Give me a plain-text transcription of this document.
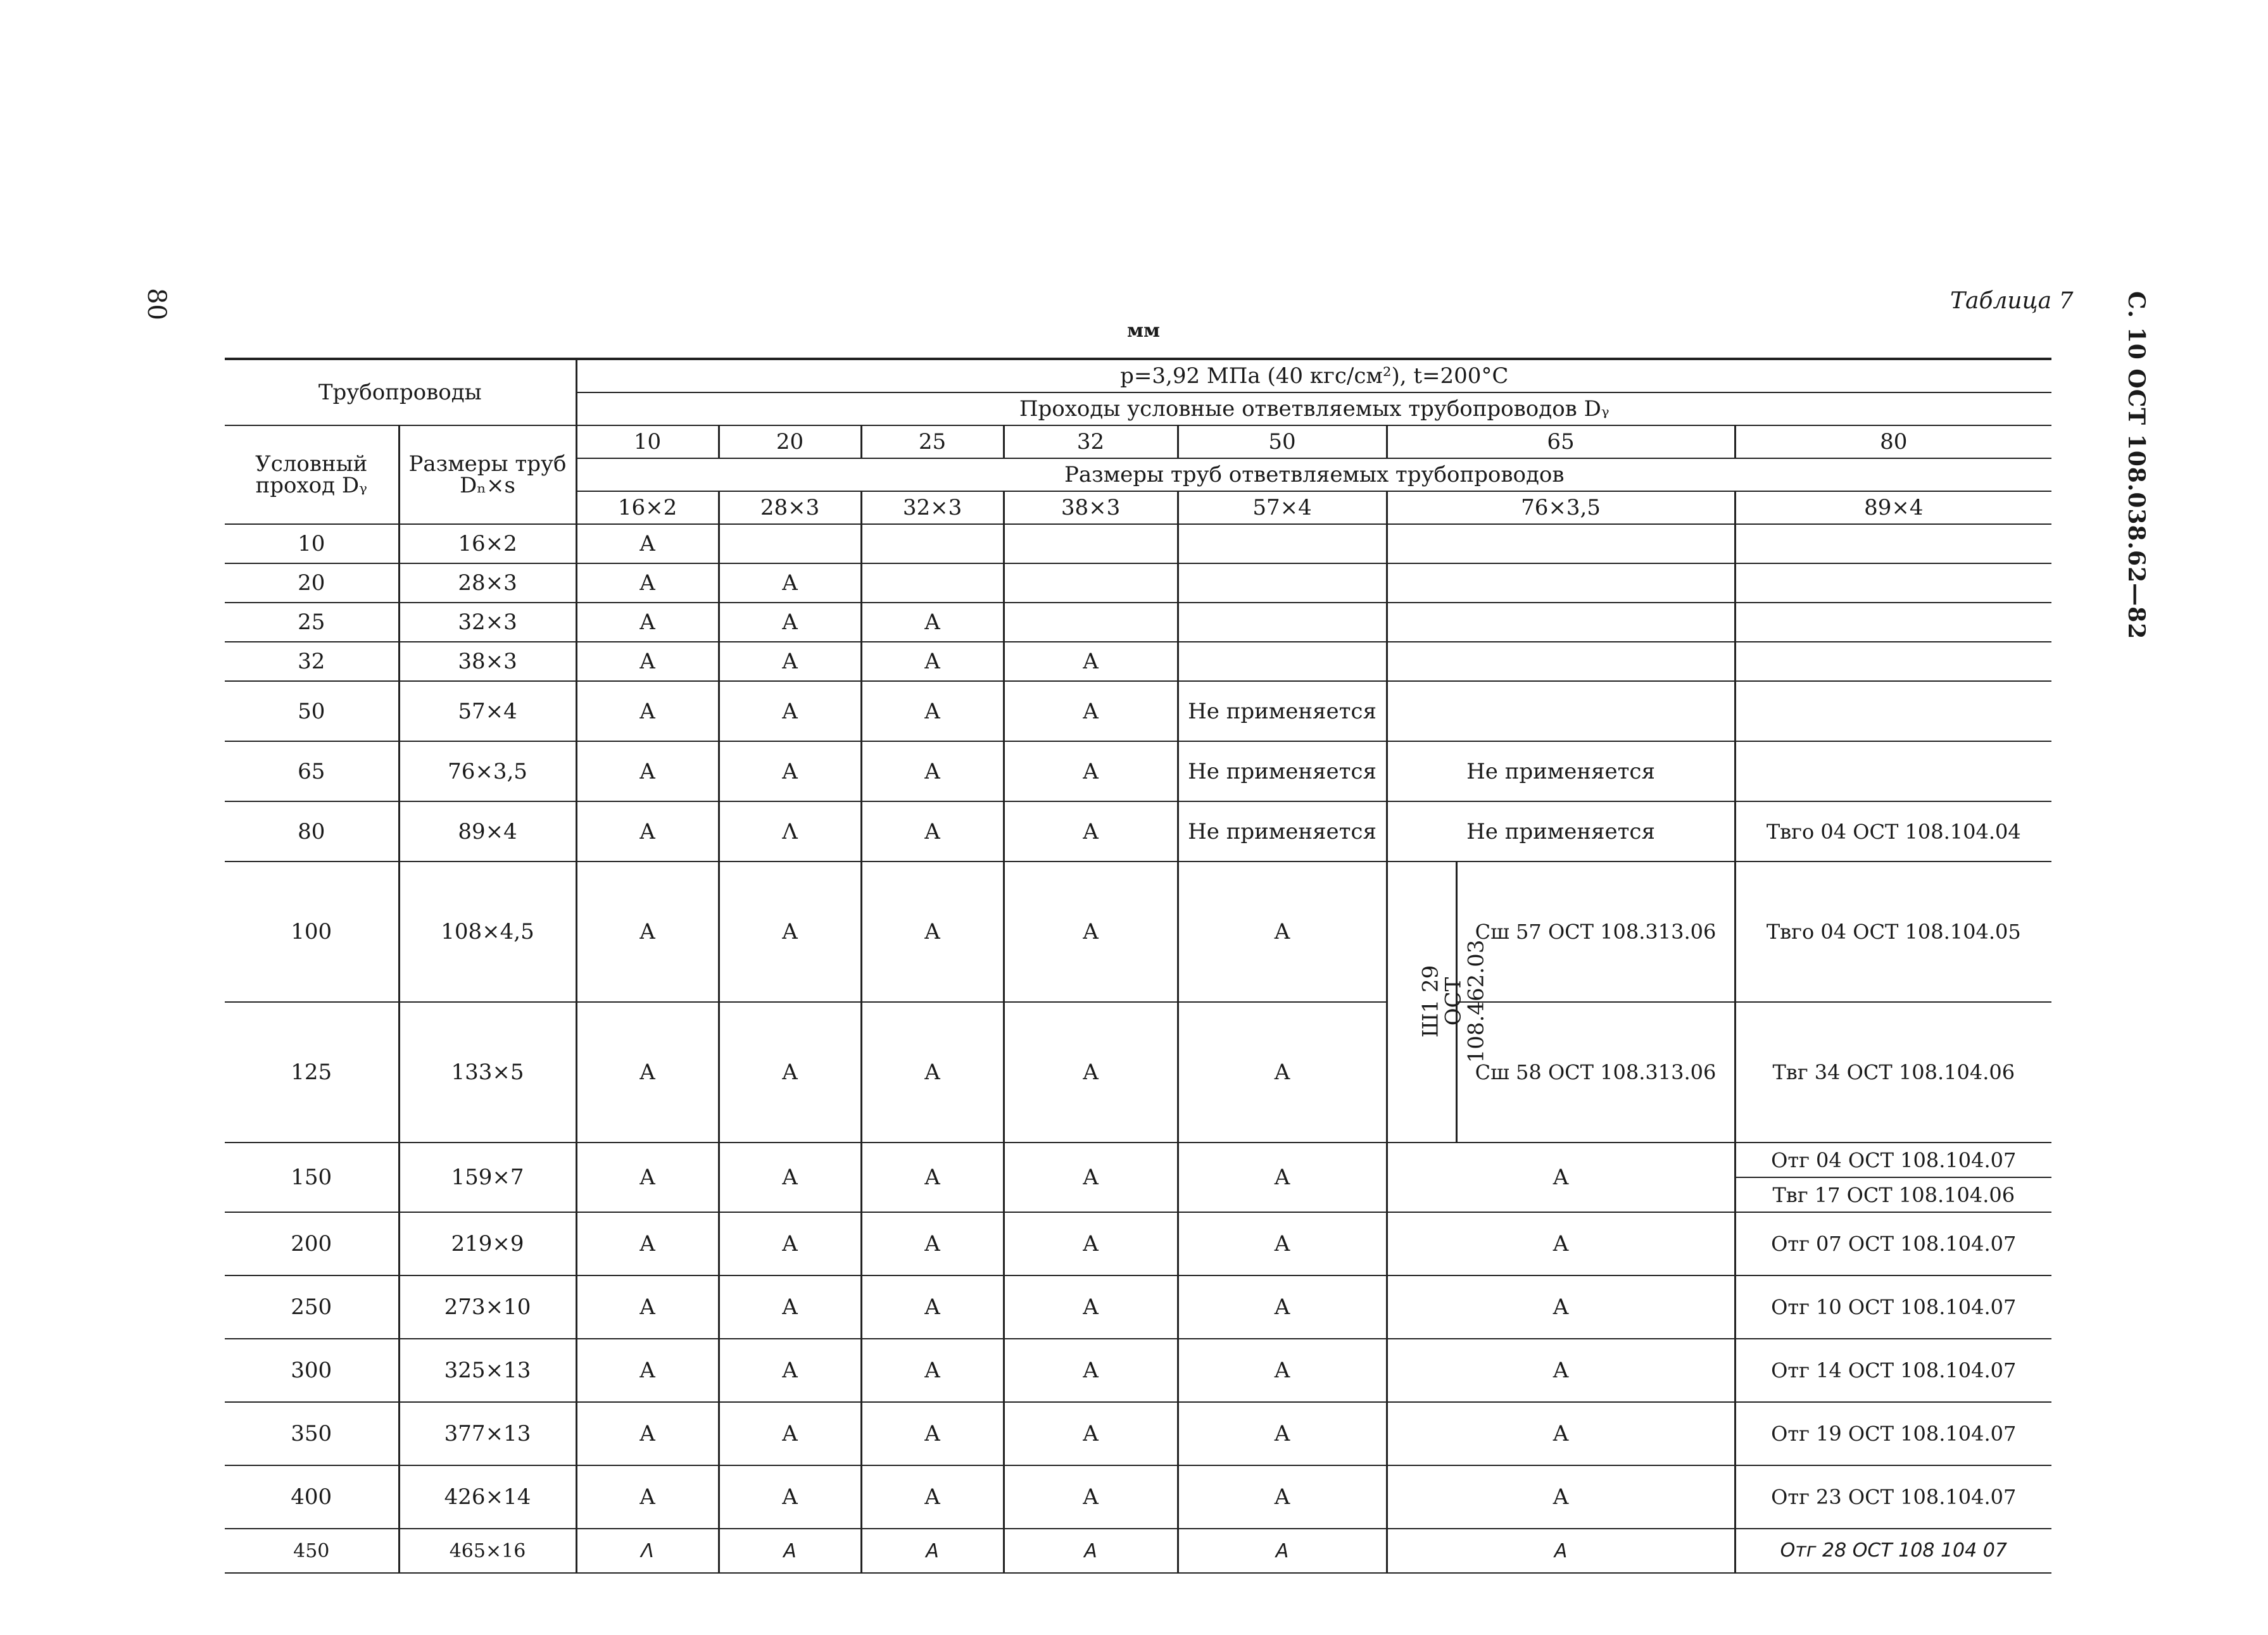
80	С. 10 ОСТ 108.038.62—82
Таблица 7
мм
Трубопроводы		p=3,92 МПа (40 кгс/см²), t=200°С							
		Проходы условные ответвляемых трубопроводов Dᵧ							
Условный проход Dᵧ	Размеры труб Dₙ×s	10	20	25	32	50	65		80
		Размеры труб ответвляемых трубопроводов							
		16×2	28×3	32×3	38×3	57×4	76×3,5		89×4
10	16×2	А							
20	28×3	А	А						
25	32×3	А	А	А					
32	38×3	А	А	А	А				
50	57×4	А	А	А	А	Не применяется			
65	76×3,5	А	А	А	А	Не применяется	Не применяется		
80	89×4	А	Λ	А	А	Не применяется	Не применяется		Твго 04 ОСТ 108.104.04
100	108×4,5	А	А	А	А	А	Ш1 29 ОСТ 108.462.03	Сш 57 ОСТ 108.313.06	Твго 04 ОСТ 108.104.05
125	133×5	А	А	А	А	А		Сш 58 ОСТ 108.313.06	Твг 34 ОСТ 108.104.06
150	159×7	А	А	А	А	А	А		Отг 04 ОСТ 108.104.07
									Твг 17 ОСТ 108.104.06
200	219×9	А	А	А	А	А	А		Отг 07 ОСТ 108.104.07
250	273×10	А	А	А	А	А	А		Отг 10 ОСТ 108.104.07
300	325×13	А	А	А	А	А	А		Отг 14 ОСТ 108.104.07
350	377×13	А	А	А	А	А	А		Отг 19 ОСТ 108.104.07
400	426×14	А	А	А	А	А	А		Отг 23 ОСТ 108.104.07
450	465×16	Λ	А	А	А	А	А		Отг 28 ОСТ 108 104 07
